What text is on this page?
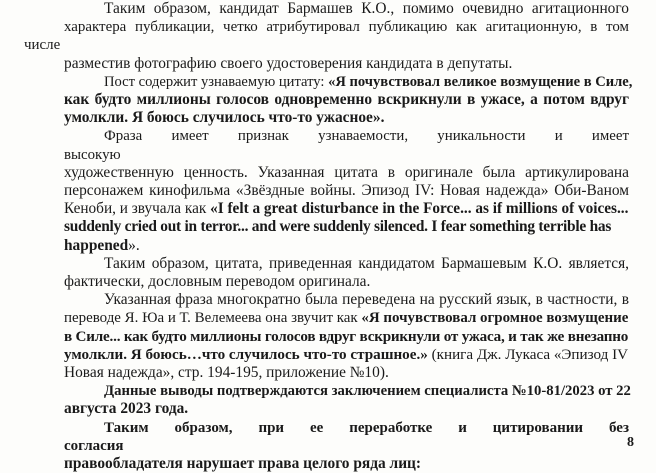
Таким образом, кандидат Бармашев К.О., помимо очевидно агитационного
характера публикации, четко атрибутировал публикацию как агитационную, в том числе
разместив фотографию своего удостоверения кандидата в депутаты.
Пост содержит узнаваемую цитату: «Я почувствовал великое возмущение в Силе,
как будто миллионы голосов одновременно вскрикнули в ужасе, а потом вдруг
умолкли. Я боюсь случилось что-то ужасное».
Фраза имеет признак узнаваемости, уникальности и имеет высокую
художественную ценность. Указанная цитата в оригинале была артикулирована
персонажем кинофильма «Звёздные войны. Эпизод IV: Новая надежда» Оби-Ваном
Кеноби, и звучала как «I felt a great disturbance in the Force... as if millions of voices...
suddenly cried out in terror... and were suddenly silenced. I fear something terrible has
happened».
Таким образом, цитата, приведенная кандидатом Бармашевым К.О. является,
фактически, дословным переводом оригинала.
Указанная фраза многократно была переведена на русский язык, в частности, в
переводе Я. Юа и Т. Велемеева она звучит как «Я почувствовал огромное возмущение
в Силе... как будто миллионы голосов вдруг вскрикнули от ужаса, и так же внезапно
умолкли. Я боюсь…что случилось что-то страшное.» (книга Дж. Лукаса «Эпизод IV
Новая надежда», стр. 194-195, приложение №10).
Данные выводы подтверждаются заключением специалиста №10-81/2023 от 22
августа 2023 года.
Таким образом, при ее переработке и цитировании без согласия
правообладателя нарушает права целого ряда лиц:
8
